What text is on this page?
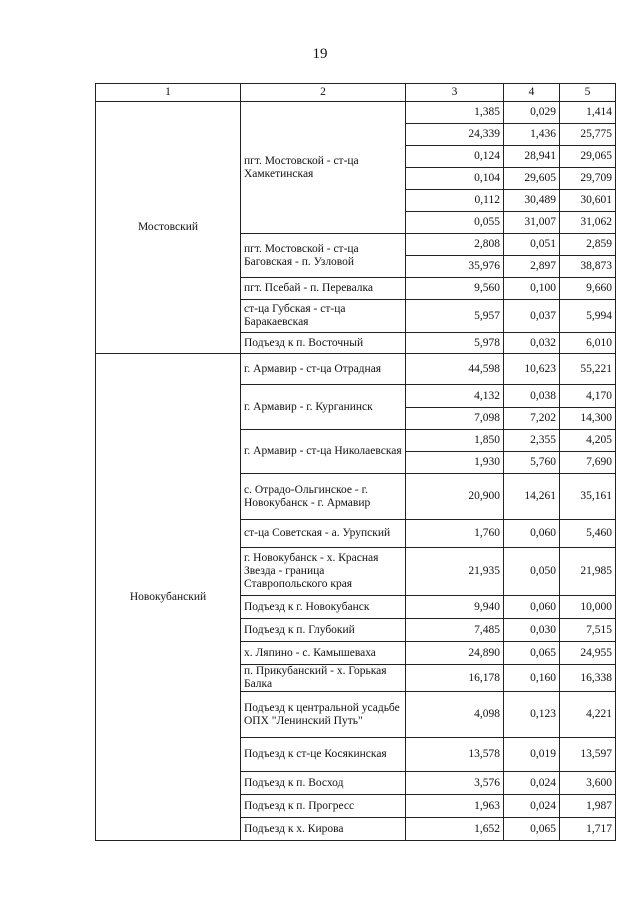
19
1	2	3	4	5
Мостовский	пгт. Мостовской - ст-ца Хамкетинская	1,385	0,029	1,414
		24,339	1,436	25,775
		0,124	28,941	29,065
		0,104	29,605	29,709
		0,112	30,489	30,601
		0,055	31,007	31,062
	пгт. Мостовской - ст-ца Баговская - п. Узловой	2,808	0,051	2,859
		35,976	2,897	38,873
	пгт. Псебай - п. Перевалка	9,560	0,100	9,660
	ст-ца Губская - ст-ца Баракаевская	5,957	0,037	5,994
	Подъезд к п. Восточный	5,978	0,032	6,010
Новокубанский	г. Армавир - ст-ца Отрадная	44,598	10,623	55,221
	г. Армавир - г. Курганинск	4,132	0,038	4,170
		7,098	7,202	14,300
	г. Армавир - ст-ца Николаевская	1,850	2,355	4,205
		1,930	5,760	7,690
	с. Отрадо-Ольгинское - г. Новокубанск - г. Армавир	20,900	14,261	35,161
	ст-ца Советская - а. Урупский	1,760	0,060	5,460
	г. Новокубанск - х. Красная Звезда - граница Ставропольского края	21,935	0,050	21,985
	Подъезд к г. Новокубанск	9,940	0,060	10,000
	Подъезд к п. Глубокий	7,485	0,030	7,515
	х. Ляпино - с. Камышеваха	24,890	0,065	24,955
	п. Прикубанский - х. Горькая Балка	16,178	0,160	16,338
	Подъезд к центральной усадьбе ОПХ "Ленинский Путь"	4,098	0,123	4,221
	Подъезд к ст-це Косякинская	13,578	0,019	13,597
	Подъезд к п. Восход	3,576	0,024	3,600
	Подъезд к п. Прогресс	1,963	0,024	1,987
	Подъезд к х. Кирова	1,652	0,065	1,717
